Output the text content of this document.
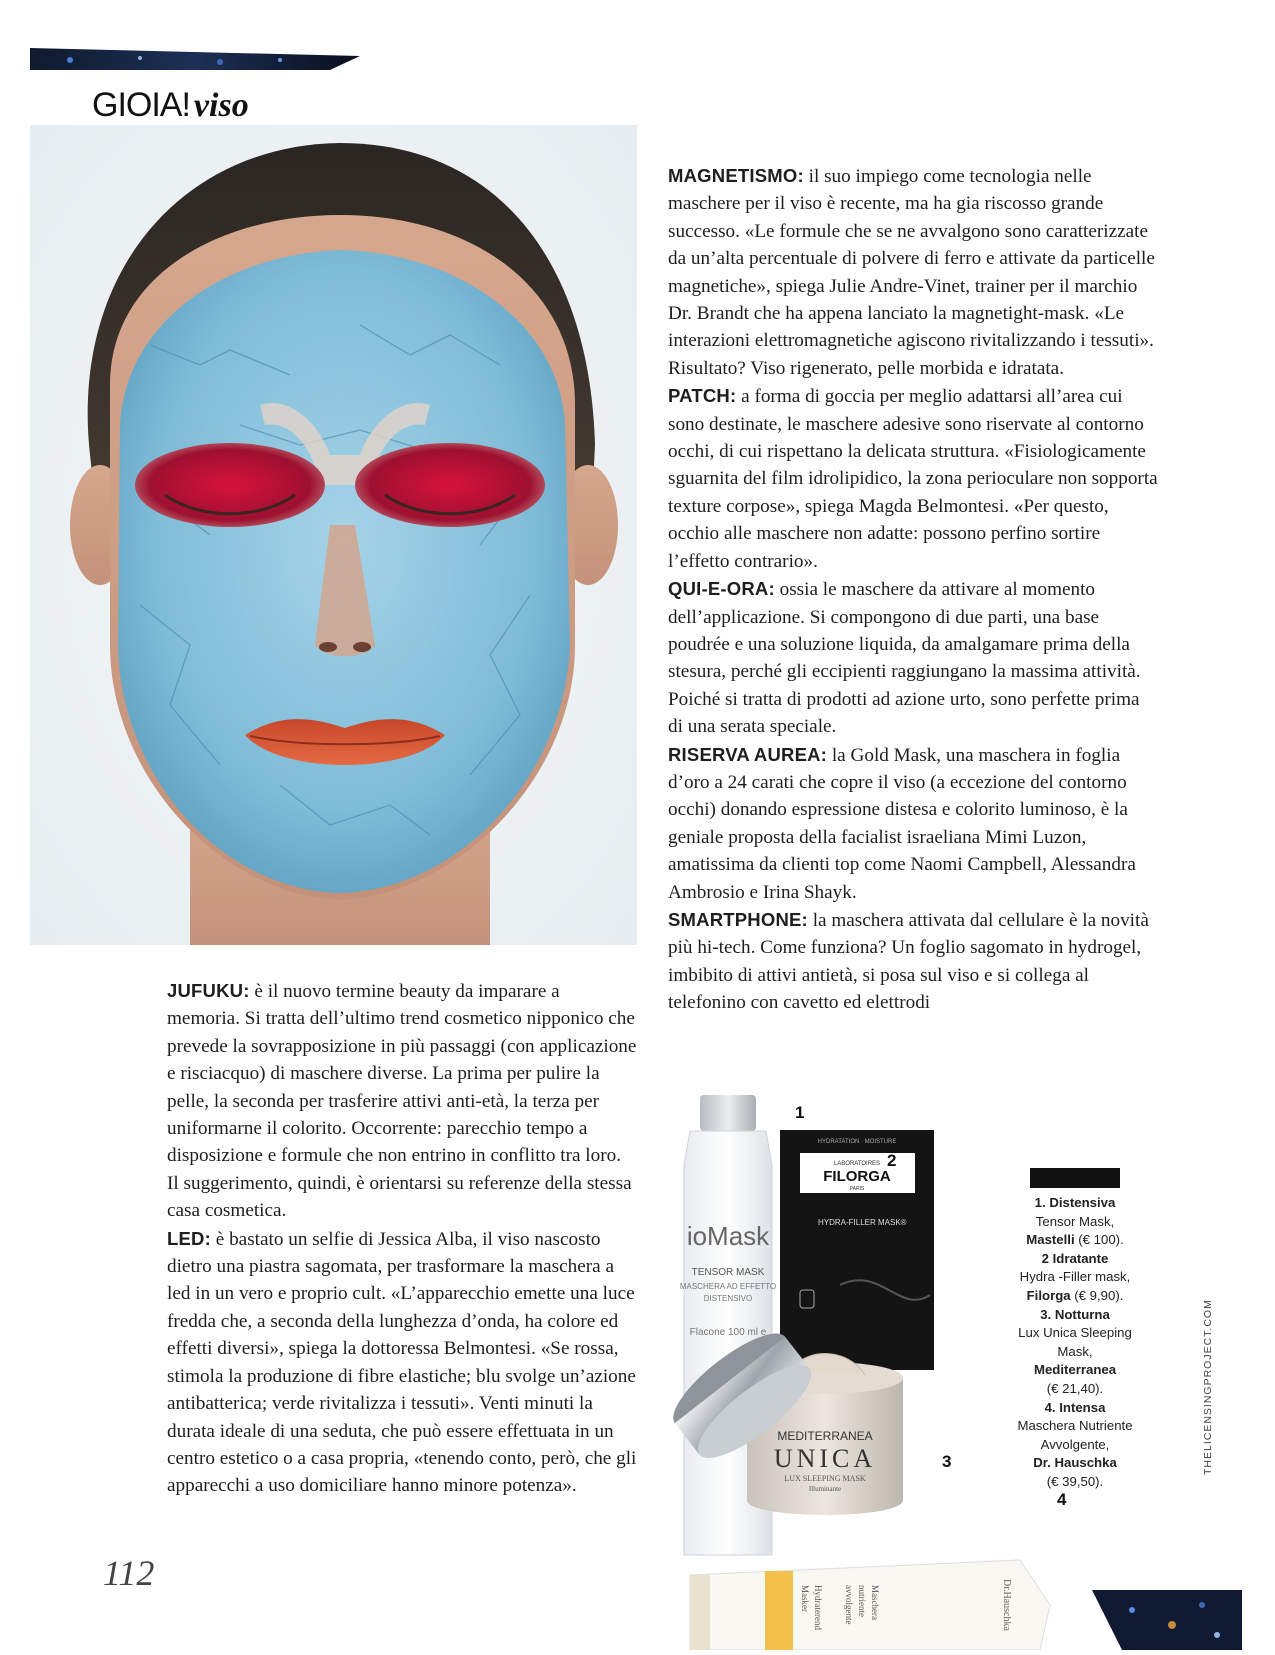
GIOIA! viso

MAGNETISMO: il suo impiego come tecnologia nelle maschere per il viso è recente, ma ha gia riscosso grande successo. «Le formule che se ne avvalgono sono caratterizzate da un’alta percentuale di polvere di ferro e attivate da particelle magnetiche», spiega Julie Andre-Vinet, trainer per il marchio Dr. Brandt che ha appena lanciato la magnetight-mask. «Le interazioni elettromagnetiche agiscono rivitalizzando i tessuti». Risultato? Viso rigenerato, pelle morbida e idratata.

PATCH: a forma di goccia per meglio adattarsi all’area cui sono destinate, le maschere adesive sono riservate al contorno occhi, di cui rispettano la delicata struttura. «Fisiologicamente sguarnita del film idrolipidico, la zona perioculare non sopporta texture corpose», spiega Magda Belmontesi. «Per questo, occhio alle maschere non adatte: possono perfino sortire l’effetto contrario».

QUI-E-ORA: ossia le maschere da attivare al momento dell’applicazione. Si compongono di due parti, una base poudrée e una soluzione liquida, da amalgamare prima della stesura, perché gli eccipienti raggiungano la massima attività. Poiché si tratta di prodotti ad azione urto, sono perfette prima di una serata speciale.

RISERVA AUREA: la Gold Mask, una maschera in foglia d’oro a 24 carati che copre il viso (a eccezione del contorno occhi) donando espressione distesa e colorito luminoso, è la geniale proposta della facialist israeliana Mimi Luzon, amatissima da clienti top come Naomi Campbell, Alessandra Ambrosio e Irina Shayk.

SMARTPHONE: la maschera attivata dal cellulare è la novità più hi-tech. Come funziona? Un foglio sagomato in hydrogel, imbibito di attivi antietà, si posa sul viso e si collega al telefonino con cavetto ed elettrodi

JUFUKU: è il nuovo termine beauty da imparare a memoria. Si tratta dell’ultimo trend cosmetico nipponico che prevede la sovrapposizione in più passaggi (con applicazione e risciacquo) di maschere diverse. La prima per pulire la pelle, la seconda per trasferire attivi anti-età, la terza per uniformarne il colorito. Occorrente: parecchio tempo a disposizione e formule che non entrino in conflitto tra loro. Il suggerimento, quindi, è orientarsi su referenze della stessa casa cosmetica.

LED: è bastato un selfie di Jessica Alba, il viso nascosto dietro una piastra sagomata, per trasformare la maschera a led in un vero e proprio cult. «L’apparecchio emette una luce fredda che, a seconda della lunghezza d’onda, ha colore ed effetti diversi», spiega la dottoressa Belmontesi. «Se rossa, stimola la produzione di fibre elastiche; blu svolge un’azione antibatterica; verde rivitalizza i tessuti». Venti minuti la durata ideale di una seduta, che può essere effettuata in un centro estetico o a casa propria, «tenendo conto, però, che gli apparecchi a uso domiciliare hanno minore potenza».

112
ioMask
TENSOR MASK
MASCHERA AD EFFETTO
DISTENSIVO
Flacone 100 ml e
HYDRATATION · MOISTURE
LABORATOIRES
FILORGA
PARIS
HYDRA-FILLER MASK®
MEDITERRANEA
UNICA
LUX SLEEPING MASK
Illuminante
Hydraterend
Masker	Maschera
nutriente
avvolgente	Dr.Hauschka
1
2
3
4
1. Distensiva
Tensor Mask,
Mastelli (€ 100).
2 Idratante
Hydra -Filler mask,
Filorga (€ 9,90).
3. Notturna
Lux Unica Sleeping Mask,
Mediterranea
(€ 21,40).
4. Intensa
Maschera Nutriente Avvolgente,
Dr. Hauschka
(€ 39,50).
THELICENSINGPROJECT.COM
